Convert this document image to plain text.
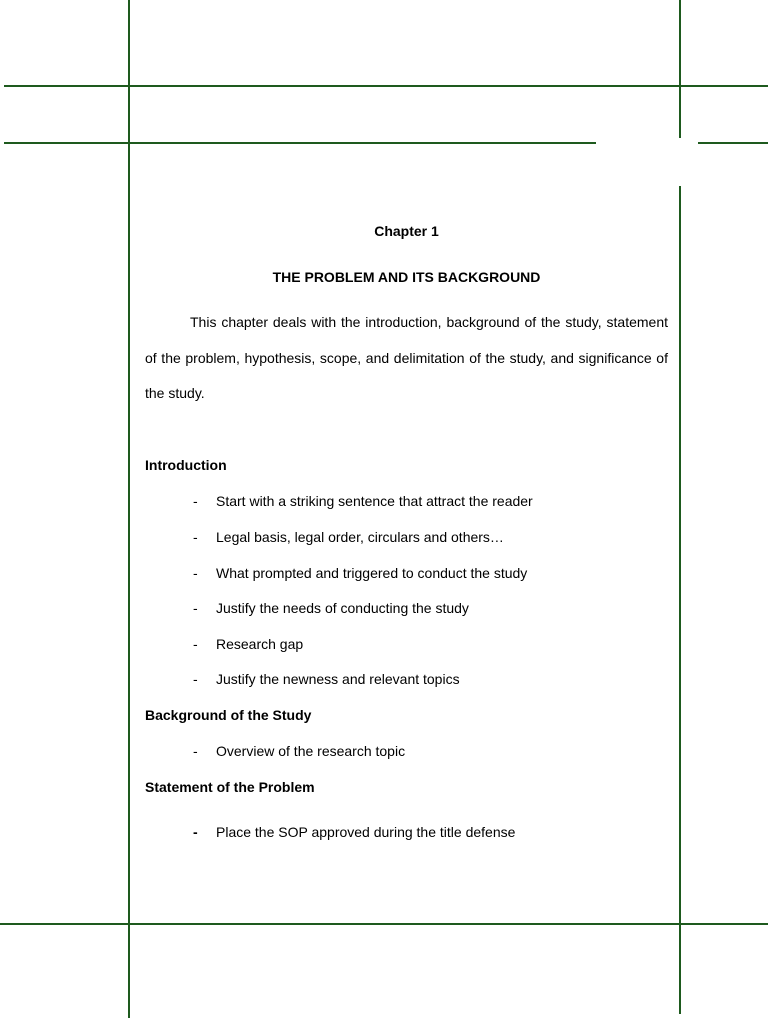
Chapter 1
THE PROBLEM AND ITS BACKGROUND

This chapter deals with the introduction, background of the study, statement of the problem, hypothesis, scope, and delimitation of the study, and significance of the study.

Introduction
-	Start with a striking sentence that attract the reader
-	Legal basis, legal order, circulars and others…
-	What prompted and triggered to conduct the study
-	Justify the needs of conducting the study
-	Research gap
-	Justify the newness and relevant topics
Background of the Study
-	Overview of the research topic
Statement of the Problem
-	Place the SOP approved during the title defense
